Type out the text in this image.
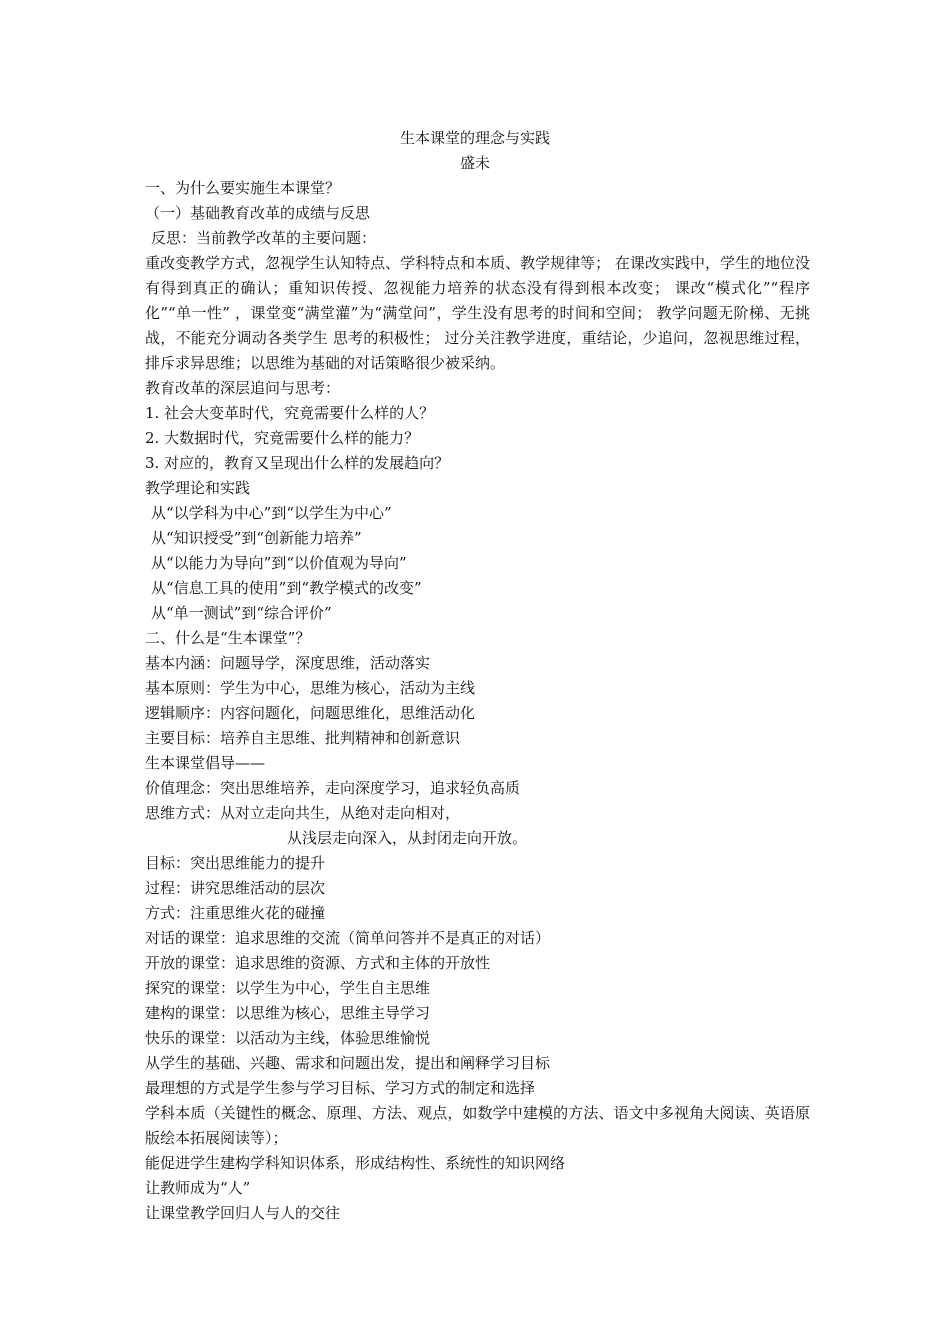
生本课堂的理念与实践
盛未
一、为什么要实施生本课堂？
（一）基础教育改革的成绩与反思
反思：当前教学改革的主要问题：
重改变教学方式，忽视学生认知特点、学科特点和本质、教学规律等； 在课改实践中，学生的地位没有得到真正的确认；重知识传授、忽视能力培养的状态没有得到根本改变； 课改“模式化”“程序化”“单一性” ，课堂变“满堂灌”为“满堂问”，学生没有思考的时间和空间； 教学问题无阶梯、无挑战，不能充分调动各类学生 思考的积极性； 过分关注教学进度，重结论，少追问，忽视思维过程，排斥求异思维；以思维为基础的对话策略很少被采纳。
教育改革的深层追问与思考：
1. 社会大变革时代，究竟需要什么样的人？
2. 大数据时代，究竟需要什么样的能力？
3. 对应的，教育又呈现出什么样的发展趋向？
教学理论和实践
从“以学科为中心”到“以学生为中心”
从“知识授受”到“创新能力培养”
从“以能力为导向”到“以价值观为导向”
从“信息工具的使用”到“教学模式的改变”
从“单一测试”到“综合评价”
二、什么是“生本课堂”？
基本内涵：问题导学，深度思维，活动落实
基本原则：学生为中心，思维为核心，活动为主线
逻辑顺序：内容问题化，问题思维化，思维活动化
主要目标：培养自主思维、批判精神和创新意识
生本课堂倡导——
价值理念：突出思维培养，走向深度学习，追求轻负高质
思维方式：从对立走向共生，从绝对走向相对，
从浅层走向深入，从封闭走向开放。
目标：突出思维能力的提升
过程：讲究思维活动的层次
方式：注重思维火花的碰撞
对话的课堂：追求思维的交流（简单问答并不是真正的对话）
开放的课堂：追求思维的资源、方式和主体的开放性
探究的课堂：以学生为中心，学生自主思维
建构的课堂：以思维为核心，思维主导学习
快乐的课堂：以活动为主线，体验思维愉悦
从学生的基础、兴趣、需求和问题出发，提出和阐释学习目标
最理想的方式是学生参与学习目标、学习方式的制定和选择
学科本质（关键性的概念、原理、方法、观点，如数学中建模的方法、语文中多视角大阅读、英语原版绘本拓展阅读等）；
能促进学生建构学科知识体系，形成结构性、系统性的知识网络
让教师成为“人”
让课堂教学回归人与人的交往
